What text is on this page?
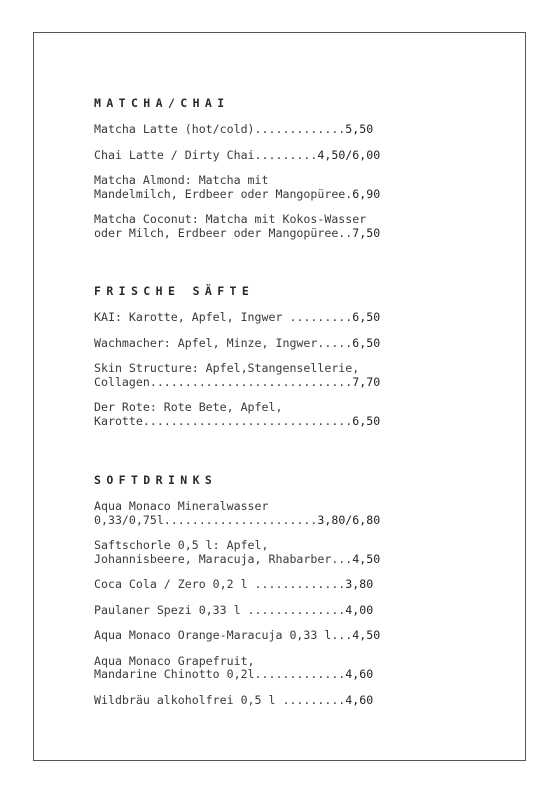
MATCHA/CHAI
Matcha Latte (hot/cold).............5,50
Chai Latte / Dirty Chai.........4,50/6,00
Matcha Almond: Matcha mit
Mandelmilch, Erdbeer oder Mangopüree.6,90
Matcha Coconut: Matcha mit Kokos-Wasser
oder Milch, Erdbeer oder Mangopüree..7,50
FRISCHE SÄFTE
KAI: Karotte, Apfel, Ingwer .........6,50
Wachmacher: Apfel, Minze, Ingwer.....6,50
Skin Structure: Apfel,Stangensellerie,
Collagen.............................7,70
Der Rote: Rote Bete, Apfel,
Karotte..............................6,50
SOFTDRINKS
Aqua Monaco Mineralwasser
0,33/0,75l......................3,80/6,80
Saftschorle 0,5 l: Apfel,
Johannisbeere, Maracuja, Rhabarber...4,50
Coca Cola / Zero 0,2 l .............3,80
Paulaner Spezi 0,33 l ..............4,00
Aqua Monaco Orange-Maracuja 0,33 l...4,50
Aqua Monaco Grapefruit,
Mandarine Chinotto 0,2l.............4,60
Wildbräu alkoholfrei 0,5 l .........4,60
